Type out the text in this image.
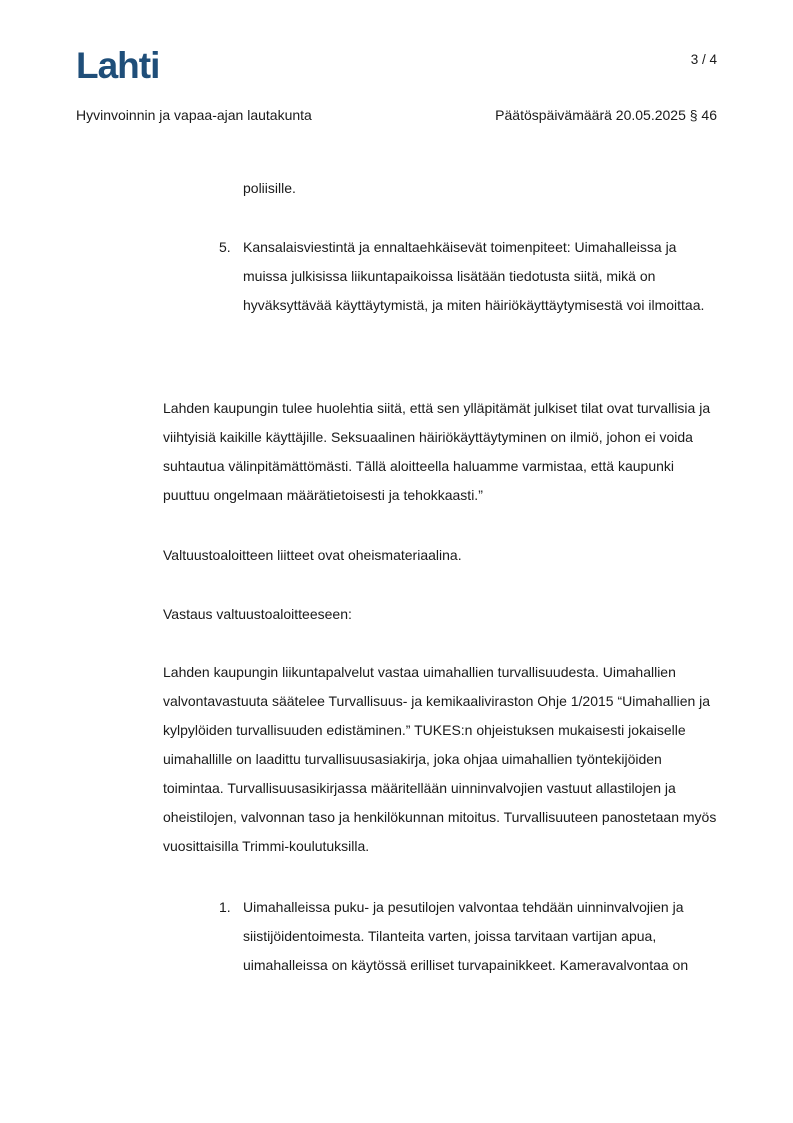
Lahti	3 / 4
Hyvinvoinnin ja vapaa-ajan lautakunta	Päätöspäivämäärä 20.05.2025 § 46
poliisille.
5. Kansalaisviestintä ja ennaltaehkäisevät toimenpiteet: Uimahalleissa ja muissa julkisissa liikuntapaikoissa lisätään tiedotusta siitä, mikä on hyväksyttävää käyttäytymistä, ja miten häiriökäyttäytymisestä voi ilmoittaa.

Lahden kaupungin tulee huolehtia siitä, että sen ylläpitämät julkiset tilat ovat turvallisia ja viihtyisiä kaikille käyttäjille. Seksuaalinen häiriökäyttäytyminen on ilmiö, johon ei voida suhtautua välinpitämättömästi. Tällä aloitteella haluamme varmistaa, että kaupunki puuttuu ongelmaan määrätietoisesti ja tehokkaasti.”

Valtuustoaloitteen liitteet ovat oheismateriaalina.

Vastaus valtuustoaloitteeseen:

Lahden kaupungin liikuntapalvelut vastaa uimahallien turvallisuudesta. Uimahallien valvontavastuuta säätelee Turvallisuus- ja kemikaaliviraston Ohje 1/2015 “Uimahallien ja kylpylöiden turvallisuuden edistäminen.” TUKES:n ohjeistuksen mukaisesti jokaiselle uimahallille on laadittu turvallisuusasiakirja, joka ohjaa uimahallien työntekijöiden toimintaa. Turvallisuusasikirjassa määritellään uinninvalvojien vastuut allastilojen ja oheistilojen, valvonnan taso ja henkilökunnan mitoitus. Turvallisuuteen panostetaan myös vuosittaisilla Trimmi-koulutuksilla.

1. Uimahalleissa puku- ja pesutilojen valvontaa tehdään uinninvalvojien ja siistijöidentoimesta. Tilanteita varten, joissa tarvitaan vartijan apua, uimahalleissa on käytössä erilliset turvapainikkeet. Kameravalvontaa on
